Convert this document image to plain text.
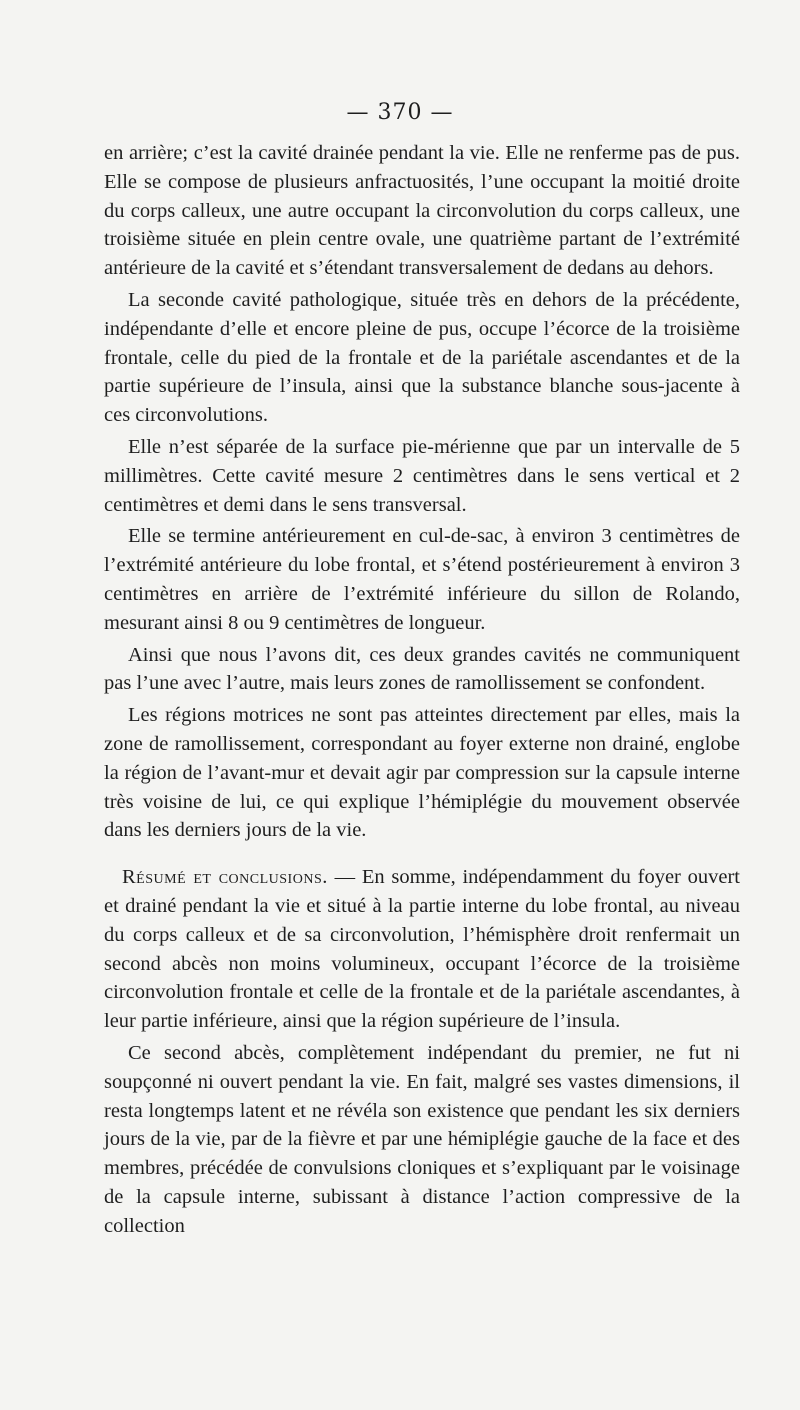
— 370 —

en arrière; c’est la cavité drainée pendant la vie. Elle ne renferme pas de pus. Elle se compose de plusieurs anfractuosités, l’une occupant la moitié droite du corps calleux, une autre occupant la circonvolution du corps calleux, une troisième située en plein centre ovale, une quatrième partant de l’extrémité antérieure de la cavité et s’étendant transversalement de dedans au dehors.

La seconde cavité pathologique, située très en dehors de la précédente, indépendante d’elle et encore pleine de pus, occupe l’écorce de la troisième frontale, celle du pied de la frontale et de la pariétale ascendantes et de la partie supérieure de l’insula, ainsi que la substance blanche sous-jacente à ces circonvolutions.

Elle n’est séparée de la surface pie-mérienne que par un intervalle de 5 millimètres. Cette cavité mesure 2 centimètres dans le sens vertical et 2 centimètres et demi dans le sens transversal.

Elle se termine antérieurement en cul-de-sac, à environ 3 centimètres de l’extrémité antérieure du lobe frontal, et s’étend postérieurement à environ 3 centimètres en arrière de l’extrémité inférieure du sillon de Rolando, mesurant ainsi 8 ou 9 centimètres de longueur.

Ainsi que nous l’avons dit, ces deux grandes cavités ne communiquent pas l’une avec l’autre, mais leurs zones de ramollissement se confondent.

Les régions motrices ne sont pas atteintes directement par elles, mais la zone de ramollissement, correspondant au foyer externe non drainé, englobe la région de l’avant-mur et devait agir par compression sur la capsule interne très voisine de lui, ce qui explique l’hémiplégie du mouvement observée dans les derniers jours de la vie.

Résumé et conclusions. — En somme, indépendamment du foyer ouvert et drainé pendant la vie et situé à la partie interne du lobe frontal, au niveau du corps calleux et de sa circonvolution, l’hémisphère droit renfermait un second abcès non moins volumineux, occupant l’écorce de la troisième circonvolution frontale et celle de la frontale et de la pariétale ascendantes, à leur partie inférieure, ainsi que la région supérieure de l’insula.

Ce second abcès, complètement indépendant du premier, ne fut ni soupçonné ni ouvert pendant la vie. En fait, malgré ses vastes dimensions, il resta longtemps latent et ne révéla son existence que pendant les six derniers jours de la vie, par de la fièvre et par une hémiplégie gauche de la face et des membres, précédée de convulsions cloniques et s’expliquant par le voisinage de la capsule interne, subissant à distance l’action compressive de la collection
